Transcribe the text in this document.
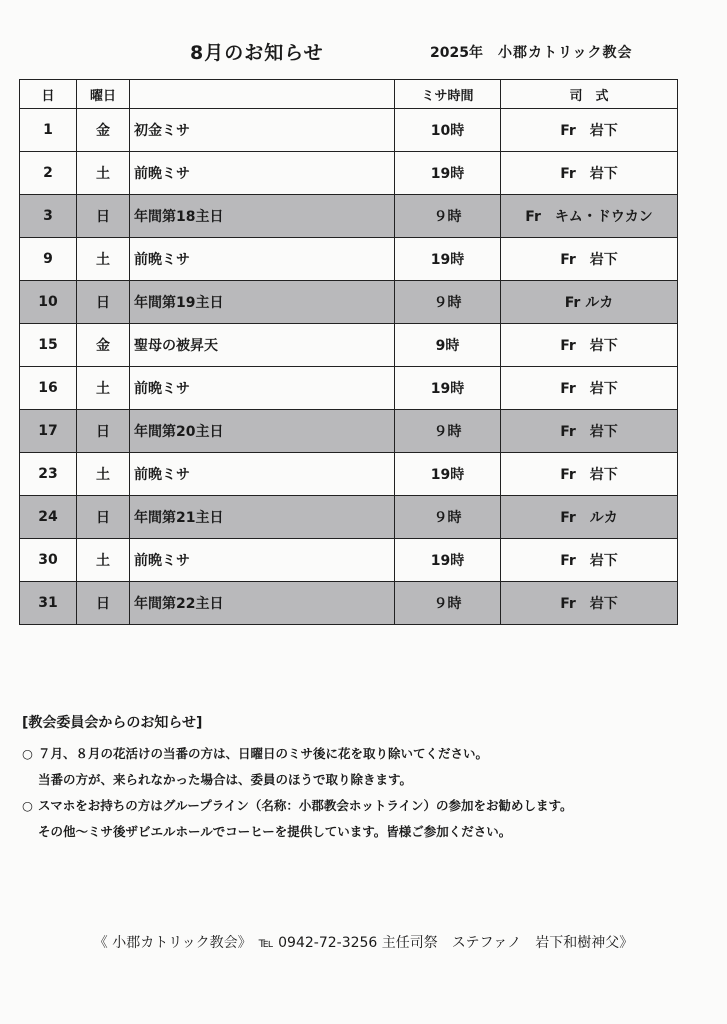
8月のお知らせ	2025年 小郡カトリック教会
日	曜日		ミサ時間	司　式
1	金	初金ミサ	10時	Fr　岩下
2	土	前晩ミサ	19時	Fr　岩下
3	日	年間第18主日	９時	Fr　キム・ドウカン
9	土	前晩ミサ	19時	Fr　岩下
10	日	年間第19主日	９時	Fr ルカ
15	金	聖母の被昇天	9時	Fr　岩下
16	土	前晩ミサ	19時	Fr　岩下
17	日	年間第20主日	９時	Fr　岩下
23	土	前晩ミサ	19時	Fr　岩下
24	日	年間第21主日	９時	Fr　ルカ
30	土	前晩ミサ	19時	Fr　岩下
31	日	年間第22主日	９時	Fr　岩下
[教会委員会からのお知らせ]

○ ７月、８月の花活けの当番の方は、日曜日のミサ後に花を取り除いてください。

当番の方が、来られなかった場合は、委員のほうで取り除きます。

○ スマホをお持ちの方はグループライン（名称：小郡教会ホットライン）の参加をお勧めします。

その他～ミサ後ザビエルホールでコーヒーを提供しています。皆様ご参加ください。

《 小郡カトリック教会》　℡ 0942-72-3256 主任司祭　ステファノ　岩下和樹神父》
